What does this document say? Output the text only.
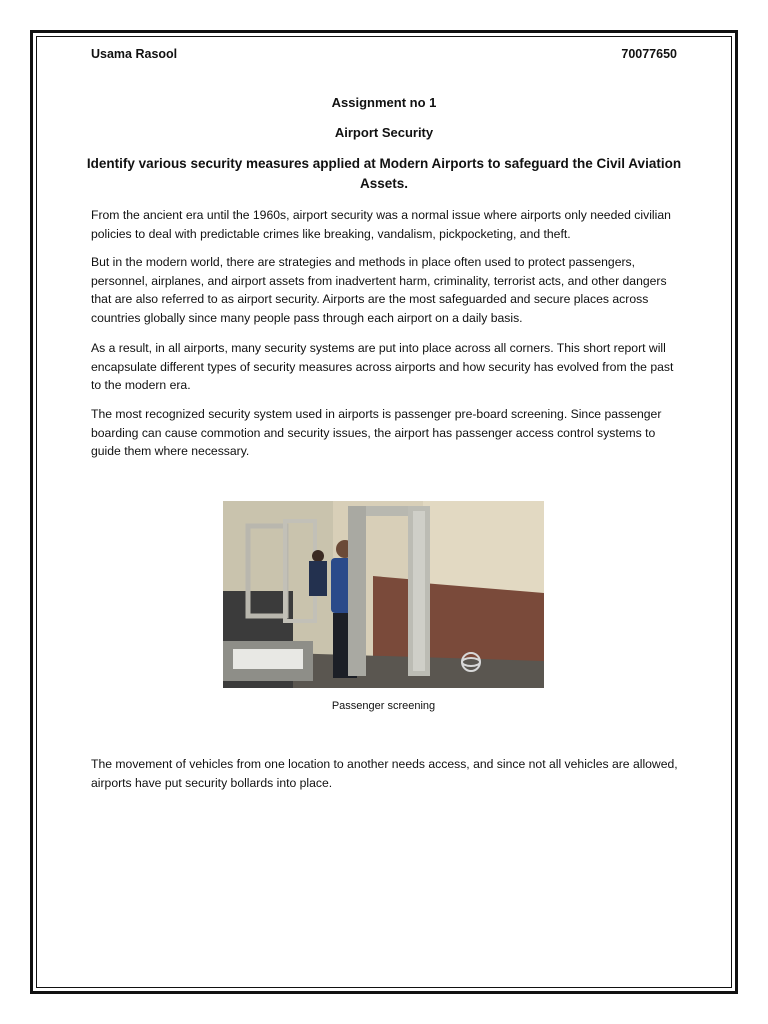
Usama Rasool	70077650
Assignment no 1
Airport Security
Identify various security measures applied at Modern Airports to safeguard the Civil Aviation Assets.

From the ancient era until the 1960s, airport security was a normal issue where airports only needed civilian policies to deal with predictable crimes like breaking, vandalism, pickpocketing, and theft.

But in the modern world, there are strategies and methods in place often used to protect passengers, personnel, airplanes, and airport assets from inadvertent harm, criminality, terrorist acts, and other dangers that are also referred to as airport security. Airports are the most safeguarded and secure places across countries globally since many people pass through each airport on a daily basis.

As a result, in all airports, many security systems are put into place across all corners. This short report will encapsulate different types of security measures across airports and how security has evolved from the past to the modern era.

The most recognized security system used in airports is passenger pre-board screening. Since passenger boarding can cause commotion and security issues, the airport has passenger access control systems to guide them where necessary.

Passenger screening

The movement of vehicles from one location to another needs access, and since not all vehicles are allowed, airports have put security bollards into place.
